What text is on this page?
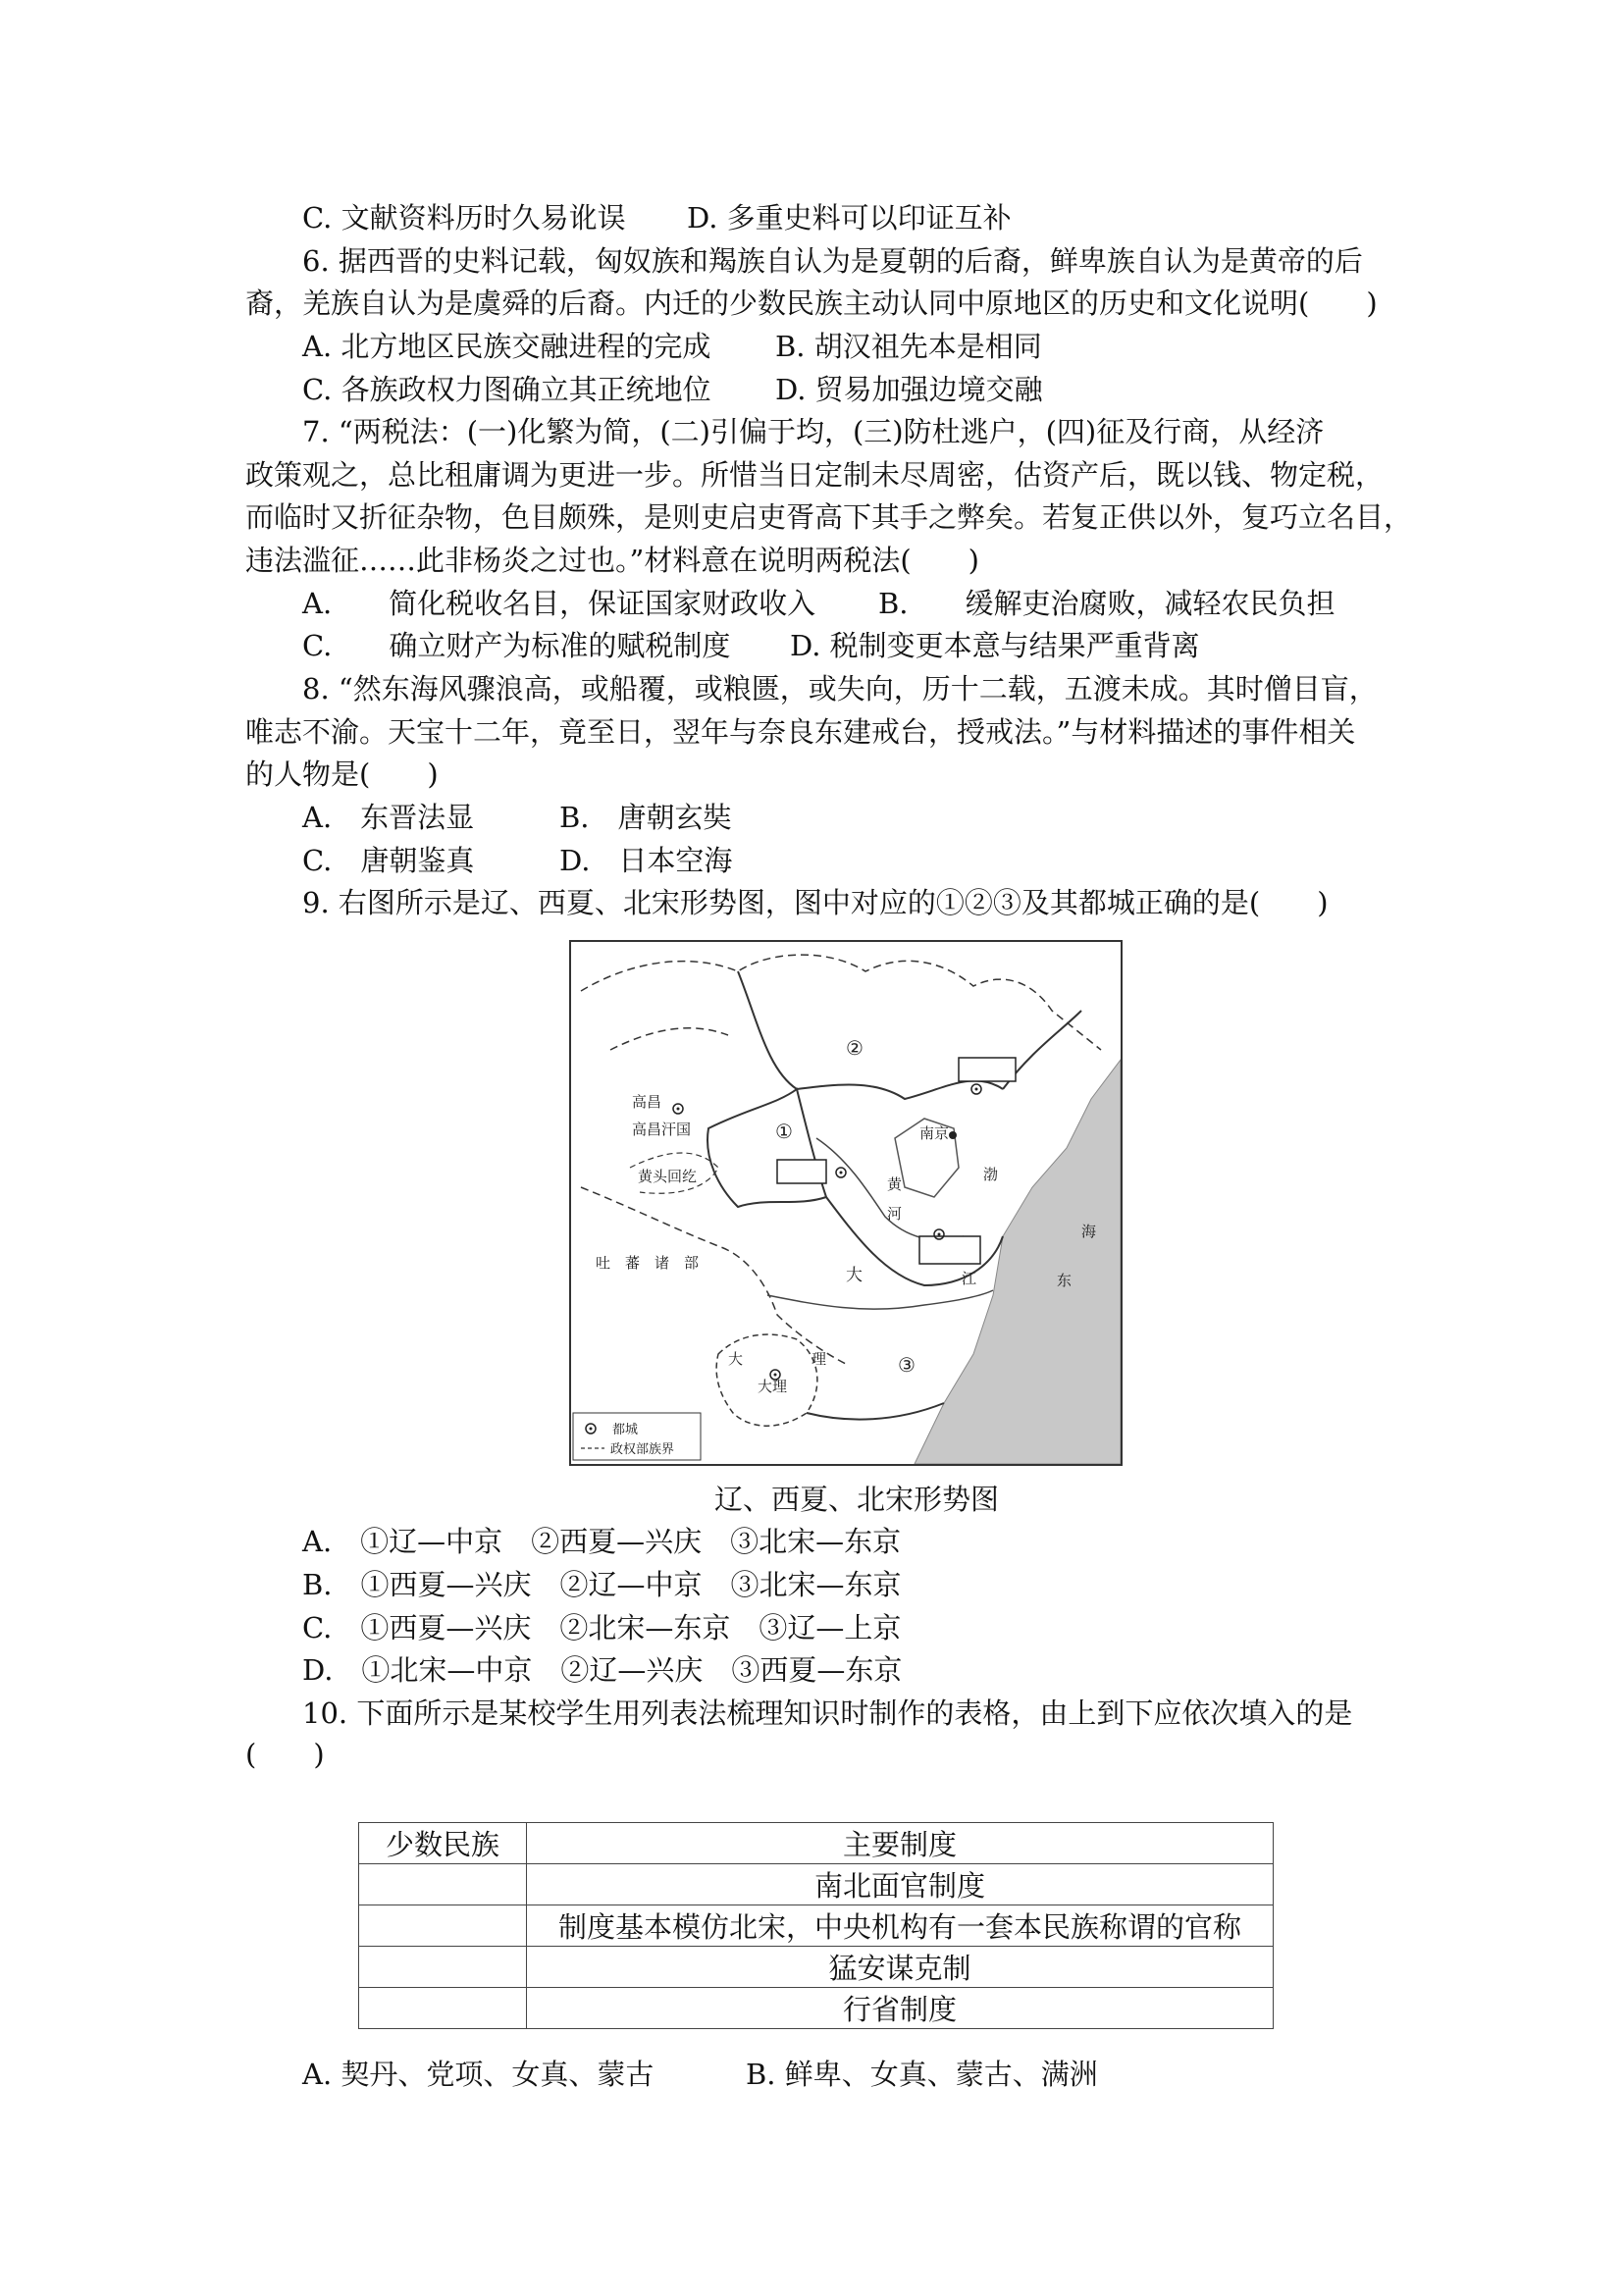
C. 文献资料历时久易讹误 D. 多重史料可以印证互补
6. 据西晋的史料记载，匈奴族和羯族自认为是夏朝的后裔，鲜卑族自认为是黄帝的后
裔，羌族自认为是虞舜的后裔。内迁的少数民族主动认同中原地区的历史和文化说明(　　)
A. 北方地区民族交融进程的完成 B. 胡汉祖先本是相同
C. 各族政权力图确立其正统地位 D. 贸易加强边境交融
7. “两税法：(一)化繁为简，(二)引偏于均，(三)防杜逃户，(四)征及行商，从经济
政策观之，总比租庸调为更进一步。所惜当日定制未尽周密，估资产后，既以钱、物定税，
而临时又折征杂物，色目颇殊，是则吏启吏胥高下其手之弊矣。若复正供以外，复巧立名目，
违法滥征……此非杨炎之过也。”材料意在说明两税法(　　)
A.　　简化税收名目，保证国家财政收入 B.　　缓解吏治腐败，减轻农民负担
C.　　确立财产为标准的赋税制度 D. 税制变更本意与结果严重背离
8. “然东海风骤浪高，或船覆，或粮匮，或失向，历十二载，五渡未成。其时僧目盲，
唯志不渝。天宝十二年，竟至日，翌年与奈良东建戒台，授戒法。”与材料描述的事件相关
的人物是(　　)
A.　东晋法显	B.　唐朝玄奘
C.　唐朝鉴真	D.　日本空海
9. 右图所示是辽、西夏、北宋形势图，图中对应的①②③及其都城正确的是(　　)
高昌
高昌汗国
黄头回纥
吐　蕃　诸　部
南京
大理
大	理
黄
河
渤
海
东
江
大
②
①
③
都城
政权部族界
辽、西夏、北宋形势图
A.　①辽—中京　②西夏—兴庆　③北宋—东京
B.　①西夏—兴庆　②辽—中京　③北宋—东京
C.　①西夏—兴庆　②北宋—东京　③辽—上京
D.　①北宋—中京　②辽—兴庆　③西夏—东京
10. 下面所示是某校学生用列表法梳理知识时制作的表格，由上到下应依次填入的是
(　　)
少数民族	主要制度
	南北面官制度
	制度基本模仿北宋，中央机构有一套本民族称谓的官称
	猛安谋克制
	行省制度
A. 契丹、党项、女真、蒙古	B. 鲜卑、女真、蒙古、满洲
